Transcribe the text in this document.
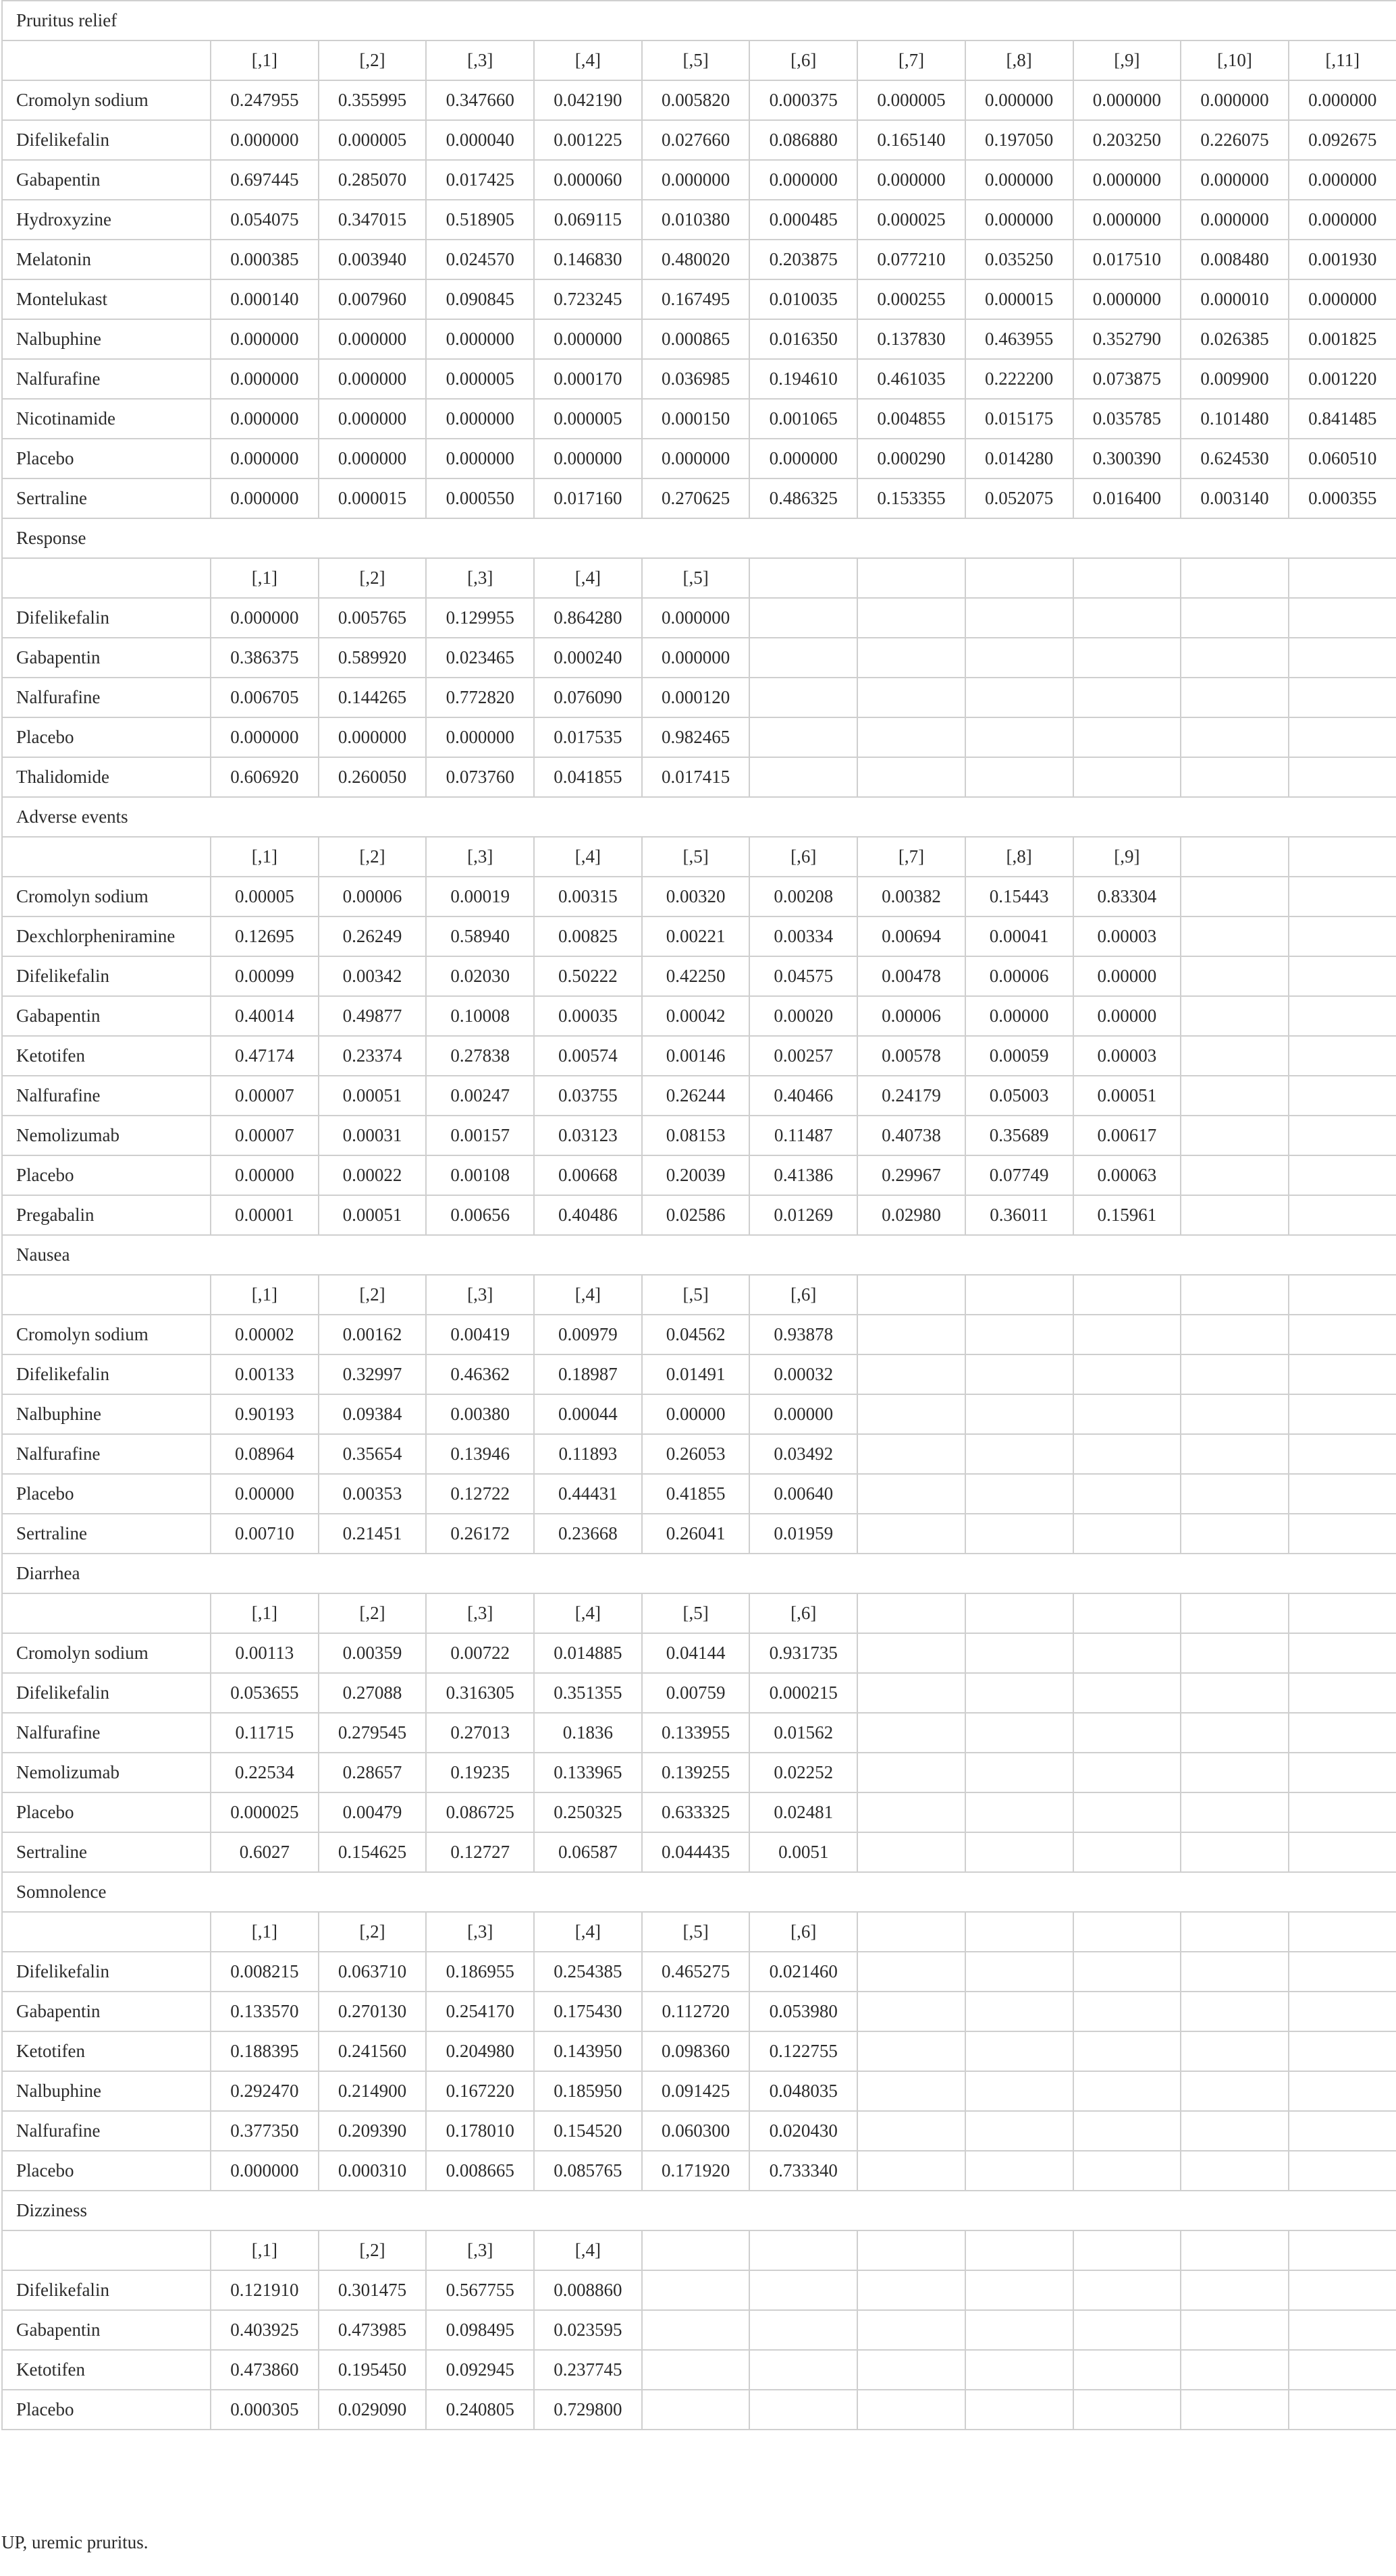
Pruritus relief											
	[,1]	[,2]	[,3]	[,4]	[,5]	[,6]	[,7]	[,8]	[,9]	[,10]	[,11]
Cromolyn sodium	0.247955	0.355995	0.347660	0.042190	0.005820	0.000375	0.000005	0.000000	0.000000	0.000000	0.000000
Difelikefalin	0.000000	0.000005	0.000040	0.001225	0.027660	0.086880	0.165140	0.197050	0.203250	0.226075	0.092675
Gabapentin	0.697445	0.285070	0.017425	0.000060	0.000000	0.000000	0.000000	0.000000	0.000000	0.000000	0.000000
Hydroxyzine	0.054075	0.347015	0.518905	0.069115	0.010380	0.000485	0.000025	0.000000	0.000000	0.000000	0.000000
Melatonin	0.000385	0.003940	0.024570	0.146830	0.480020	0.203875	0.077210	0.035250	0.017510	0.008480	0.001930
Montelukast	0.000140	0.007960	0.090845	0.723245	0.167495	0.010035	0.000255	0.000015	0.000000	0.000010	0.000000
Nalbuphine	0.000000	0.000000	0.000000	0.000000	0.000865	0.016350	0.137830	0.463955	0.352790	0.026385	0.001825
Nalfurafine	0.000000	0.000000	0.000005	0.000170	0.036985	0.194610	0.461035	0.222200	0.073875	0.009900	0.001220
Nicotinamide	0.000000	0.000000	0.000000	0.000005	0.000150	0.001065	0.004855	0.015175	0.035785	0.101480	0.841485
Placebo	0.000000	0.000000	0.000000	0.000000	0.000000	0.000000	0.000290	0.014280	0.300390	0.624530	0.060510
Sertraline	0.000000	0.000015	0.000550	0.017160	0.270625	0.486325	0.153355	0.052075	0.016400	0.003140	0.000355
Response											
	[,1]	[,2]	[,3]	[,4]	[,5]						
Difelikefalin	0.000000	0.005765	0.129955	0.864280	0.000000						
Gabapentin	0.386375	0.589920	0.023465	0.000240	0.000000						
Nalfurafine	0.006705	0.144265	0.772820	0.076090	0.000120						
Placebo	0.000000	0.000000	0.000000	0.017535	0.982465						
Thalidomide	0.606920	0.260050	0.073760	0.041855	0.017415						
Adverse events											
	[,1]	[,2]	[,3]	[,4]	[,5]	[,6]	[,7]	[,8]	[,9]		
Cromolyn sodium	0.00005	0.00006	0.00019	0.00315	0.00320	0.00208	0.00382	0.15443	0.83304		
Dexchlorpheniramine	0.12695	0.26249	0.58940	0.00825	0.00221	0.00334	0.00694	0.00041	0.00003		
Difelikefalin	0.00099	0.00342	0.02030	0.50222	0.42250	0.04575	0.00478	0.00006	0.00000		
Gabapentin	0.40014	0.49877	0.10008	0.00035	0.00042	0.00020	0.00006	0.00000	0.00000		
Ketotifen	0.47174	0.23374	0.27838	0.00574	0.00146	0.00257	0.00578	0.00059	0.00003		
Nalfurafine	0.00007	0.00051	0.00247	0.03755	0.26244	0.40466	0.24179	0.05003	0.00051		
Nemolizumab	0.00007	0.00031	0.00157	0.03123	0.08153	0.11487	0.40738	0.35689	0.00617		
Placebo	0.00000	0.00022	0.00108	0.00668	0.20039	0.41386	0.29967	0.07749	0.00063		
Pregabalin	0.00001	0.00051	0.00656	0.40486	0.02586	0.01269	0.02980	0.36011	0.15961		
Nausea											
	[,1]	[,2]	[,3]	[,4]	[,5]	[,6]					
Cromolyn sodium	0.00002	0.00162	0.00419	0.00979	0.04562	0.93878					
Difelikefalin	0.00133	0.32997	0.46362	0.18987	0.01491	0.00032					
Nalbuphine	0.90193	0.09384	0.00380	0.00044	0.00000	0.00000					
Nalfurafine	0.08964	0.35654	0.13946	0.11893	0.26053	0.03492					
Placebo	0.00000	0.00353	0.12722	0.44431	0.41855	0.00640					
Sertraline	0.00710	0.21451	0.26172	0.23668	0.26041	0.01959					
Diarrhea											
	[,1]	[,2]	[,3]	[,4]	[,5]	[,6]					
Cromolyn sodium	0.00113	0.00359	0.00722	0.014885	0.04144	0.931735					
Difelikefalin	0.053655	0.27088	0.316305	0.351355	0.00759	0.000215					
Nalfurafine	0.11715	0.279545	0.27013	0.1836	0.133955	0.01562					
Nemolizumab	0.22534	0.28657	0.19235	0.133965	0.139255	0.02252					
Placebo	0.000025	0.00479	0.086725	0.250325	0.633325	0.02481					
Sertraline	0.6027	0.154625	0.12727	0.06587	0.044435	0.0051					
Somnolence											
	[,1]	[,2]	[,3]	[,4]	[,5]	[,6]					
Difelikefalin	0.008215	0.063710	0.186955	0.254385	0.465275	0.021460					
Gabapentin	0.133570	0.270130	0.254170	0.175430	0.112720	0.053980					
Ketotifen	0.188395	0.241560	0.204980	0.143950	0.098360	0.122755					
Nalbuphine	0.292470	0.214900	0.167220	0.185950	0.091425	0.048035					
Nalfurafine	0.377350	0.209390	0.178010	0.154520	0.060300	0.020430					
Placebo	0.000000	0.000310	0.008665	0.085765	0.171920	0.733340					
Dizziness											
	[,1]	[,2]	[,3]	[,4]							
Difelikefalin	0.121910	0.301475	0.567755	0.008860							
Gabapentin	0.403925	0.473985	0.098495	0.023595							
Ketotifen	0.473860	0.195450	0.092945	0.237745							
Placebo	0.000305	0.029090	0.240805	0.729800							
UP, uremic pruritus.
